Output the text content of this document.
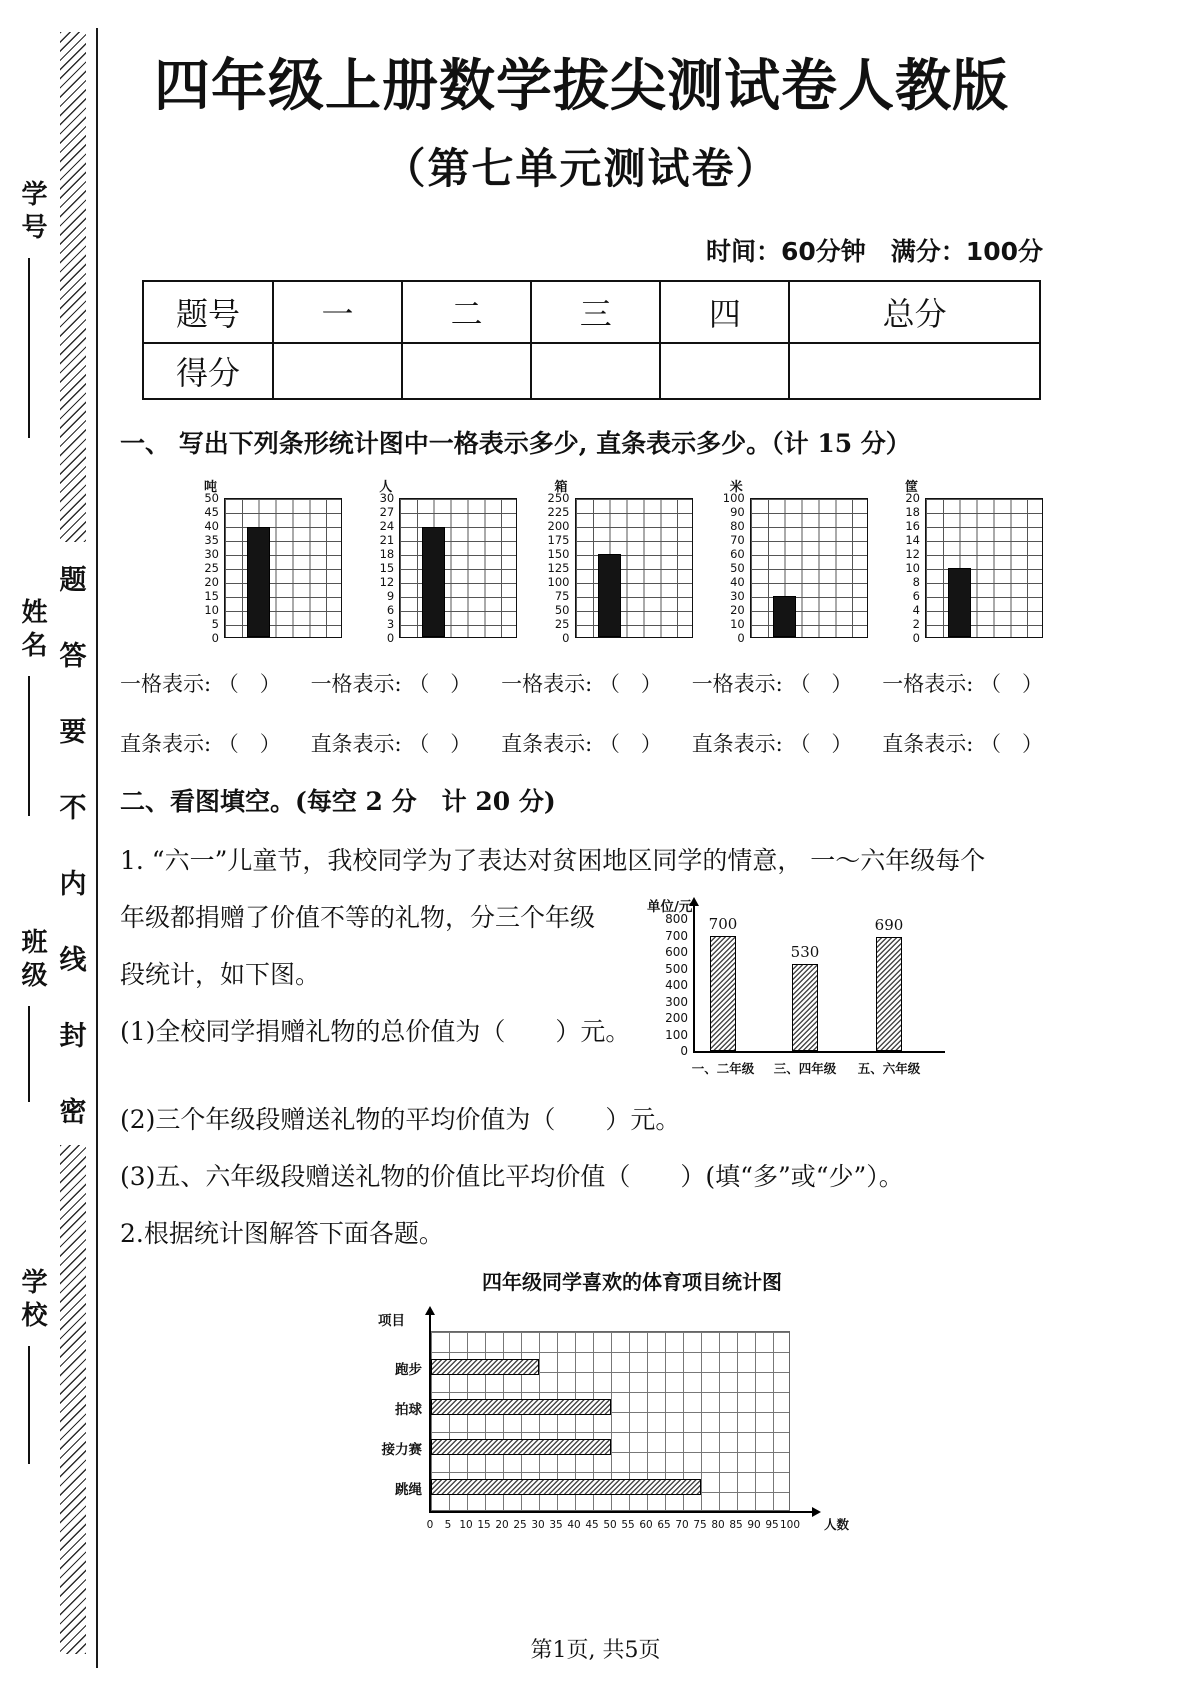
学号
姓名
班级
学校
题
答
要
不
内
线
封
密
四年级上册数学拔尖测试卷人教版
（第七单元测试卷）
时间：60分钟　满分：100分
题号	一	二	三	四	总分
得分					
一、 写出下列条形统计图中一格表示多少, 直条表示多少。（计 15 分）
吨
50
45
40
35
30
25
20
15
10
5
0
人
30
27
24
21
18
15
12
9
6
3
0
箱
250
225
200
175
150
125
100
75
50
25
0
米
100
90
80
70
60
50
40
30
20
10
0
筐
20
18
16
14
12
10
8
6
4
2
0
一格表示: （　） 一格表示: （　） 一格表示: （　） 一格表示: （　） 一格表示: （　）
直条表示: （　） 直条表示: （　） 直条表示: （　） 直条表示: （　） 直条表示: （　）
二、看图填空。(每空 2 分　计 20 分)
1. “六一”儿童节，我校同学为了表达对贫困地区同学的情意， 一～六年级每个
年级都捐赠了价值不等的礼物，分三个年级
段统计，如下图。
(1)全校同学捐赠礼物的总价值为（　　）元。
单位/元
800
700
600
500
400
300
200
100
0
700
一、二年级
530
三、四年级
690
五、六年级
(2)三个年级段赠送礼物的平均价值为（　　）元。
(3)五、六年级段赠送礼物的价值比平均价值（　　）(填“多”或“少”）。
2.根据统计图解答下面各题。
四年级同学喜欢的体育项目统计图
项目
人数
跑步
拍球
接力赛
跳绳
0 5 10 15 20 25 30 35 40 45 50 55 60 65 70 75 80 85 90 95 100
第1页, 共5页
